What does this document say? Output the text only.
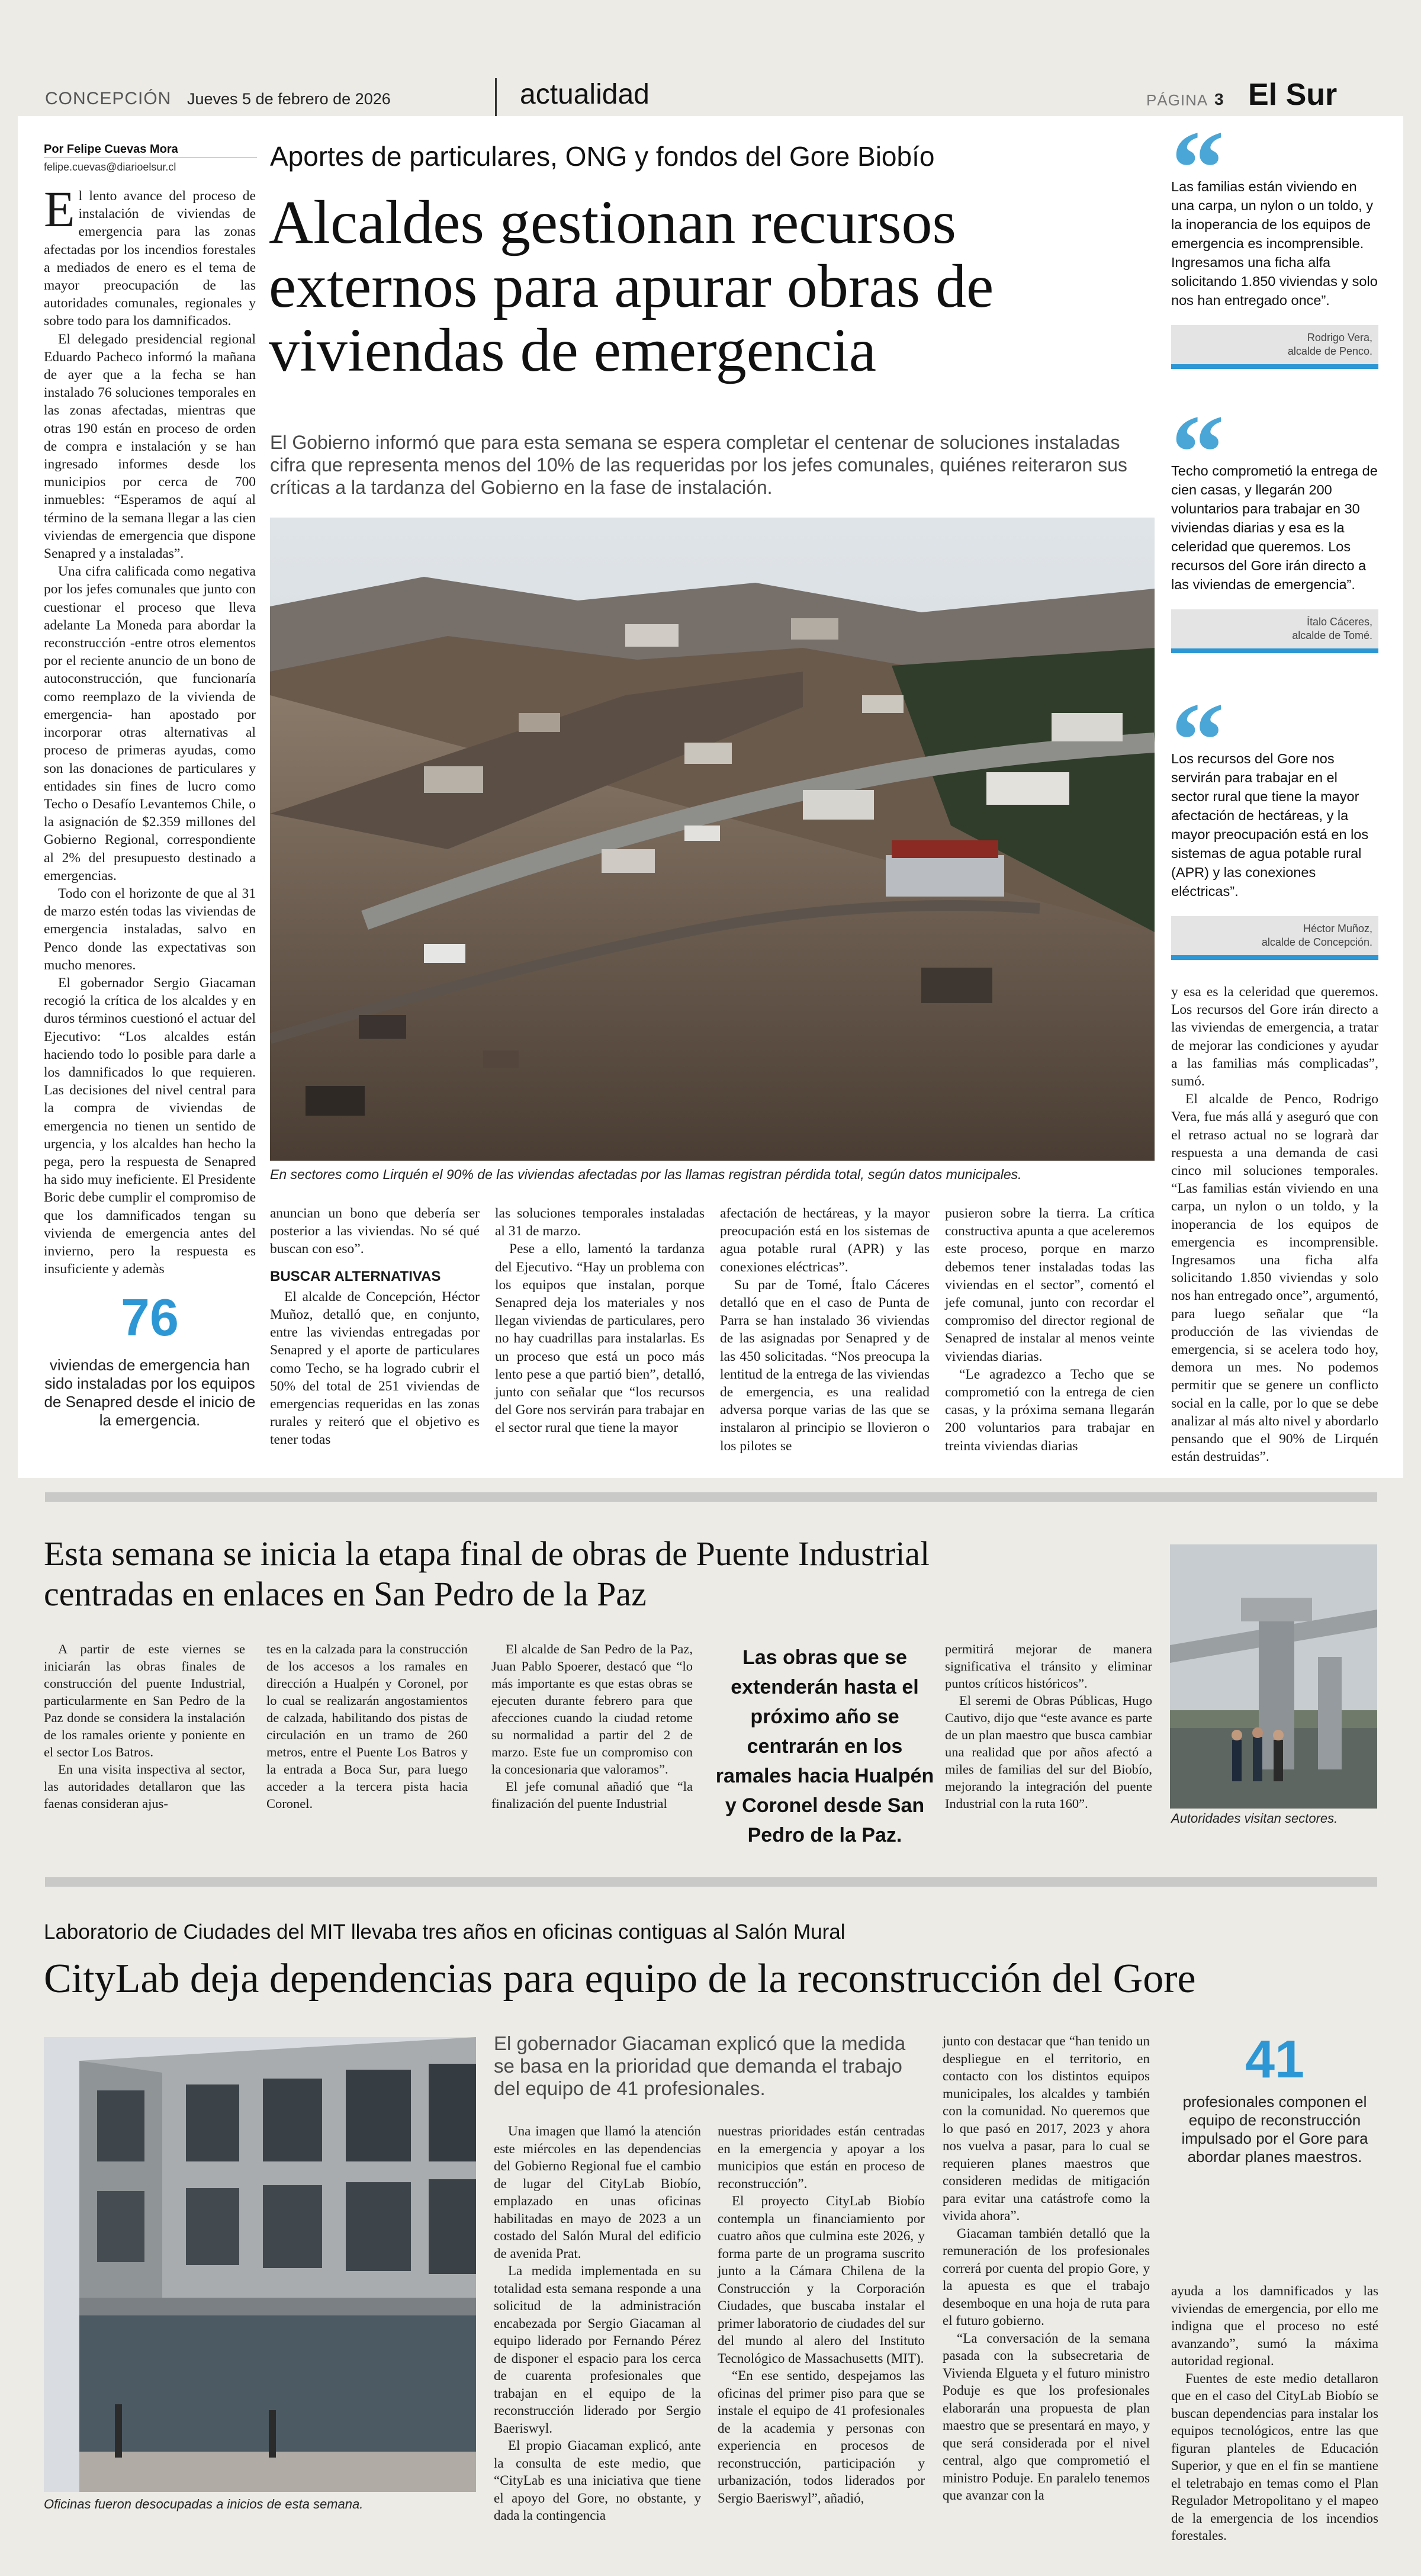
CONCEPCIÓN Jueves 5 de febrero de 2026	actualidad	PÁGINA 3 El Sur
Por Felipe Cuevas Mora
felipe.cuevas@diarioelsur.cl	Aportes de particulares, ONG y fondos del Gore Biobío
Alcaldes gestionan recursos externos para apurar obras de viviendas de emergencia
El Gobierno informó que para esta semana se espera completar el centenar de soluciones instaladas cifra que representa menos del 10% de las requeridas por los jefes comunales, quiénes reiteraron sus críticas a la tardanza del Gobierno en la fase de instalación.
En sectores como Lirquén el 90% de las viviendas afectadas por las llamas registran pérdida total, según datos municipales.

El lento avance del proceso de instalación de viviendas de emergencia para las zonas afectadas por los incendios forestales a mediados de enero es el tema de mayor preocupación de las autoridades comunales, regionales y sobre todo para los damnificados.

El delegado presidencial regional Eduardo Pacheco informó la mañana de ayer que a la fecha se han instalado 76 soluciones temporales en las zonas afectadas, mientras que otras 190 están en proceso de orden de compra e instalación y se han ingresado informes desde los municipios por cerca de 700 inmuebles: “Esperamos de aquí al término de la semana llegar a las cien viviendas de emergencia que dispone Senapred y a instaladas”.

Una cifra calificada como negativa por los jefes comunales que junto con cuestionar el proceso que lleva adelante La Moneda para abordar la reconstrucción -entre otros elementos por el reciente anuncio de un bono de autoconstrucción, que funcionaría como reemplazo de la vivienda de emergencia- han apostado por incorporar otras alternativas al proceso de primeras ayudas, como son las donaciones de particulares y entidades sin fines de lucro como Techo o Desafío Levantemos Chile, o la asignación de $2.359 millones del Gobierno Regional, correspondiente al 2% del presupuesto destinado a emergencias.

Todo con el horizonte de que al 31 de marzo estén todas las viviendas de emergencia instaladas, salvo en Penco donde las expectativas son mucho menores.

El gobernador Sergio Giacaman recogió la crítica de los alcaldes y en duros términos cuestionó el actuar del Ejecutivo: “Los alcaldes están haciendo todo lo posible para darle a los damnificados lo que requieren. Las decisiones del nivel central para la compra de viviendas de emergencia no tienen un sentido de urgencia, y los alcaldes han hecho la pega, pero la respuesta de Senapred ha sido muy ineficiente. El Presidente Boric debe cumplir el compromiso de que los damnificados tengan su vivienda de emergencia antes del invierno, pero la respuesta es insuficiente y ademàs

76
viviendas de emergencia han sido instaladas por los equipos de Senapred desde el inicio de la emergencia.

anuncian un bono que debería ser posterior a las viviendas. No sé qué buscan con eso”.

BUSCAR ALTERNATIVAS

El alcalde de Concepción, Héctor Muñoz, detalló que, en conjunto, entre las viviendas entregadas por Senapred y el aporte de particulares como Techo, se ha logrado cubrir el 50% del total de 251 viviendas de emergencias requeridas en las zonas rurales y reiteró que el objetivo es tener todas

las soluciones temporales instaladas al 31 de marzo.

Pese a ello, lamentó la tardanza del Ejecutivo. “Hay un problema con los equipos que instalan, porque Senapred deja los materiales y nos llegan viviendas de particulares, pero no hay cuadrillas para instalarlas. Es un proceso que está un poco más lento pese a que partió bien”, detalló, junto con señalar que “los recursos del Gore nos servirán para trabajar en el sector rural que tiene la mayor

afectación de hectáreas, y la mayor preocupación está en los sistemas de agua potable rural (APR) y las conexiones eléctricas”.

Su par de Tomé, Ítalo Cáceres detalló que en el caso de Punta de Parra se han instalado 36 viviendas de las asignadas por Senapred y de las 450 solicitadas. “Nos preocupa la lentitud de la entrega de las viviendas de emergencia, es una realidad adversa porque varias de las que se instalaron al principio se llovieron o los pilotes se

pusieron sobre la tierra. La crítica constructiva apunta a que aceleremos este proceso, porque en marzo debemos tener instaladas todas las viviendas en el sector”, comentó el jefe comunal, junto con recordar el compromiso del director regional de Senapred de instalar al menos veinte viviendas diarias.

“Le agradezco a Techo que se comprometió con la entrega de cien casas, y la próxima semana llegarán 200 voluntarios para trabajar en treinta viviendas diarias

y esa es la celeridad que queremos. Los recursos del Gore irán directo a las viviendas de emergencia, a tratar de mejorar las condiciones y ayudar a las familias más complicadas”, sumó.

El alcalde de Penco, Rodrigo Vera, fue más allá y aseguró que con el retraso actual no se lograrà dar respuesta a una demanda de casi cinco mil soluciones temporales. “Las familias están viviendo en una carpa, un nylon o un toldo, y la inoperancia de los equipos de emergencia es incomprensible. Ingresamos una ficha alfa solicitando 1.850 viviendas y solo nos han entregado once”, argumentó, para luego señalar que “la producción de las viviendas de emergencia, si se acelera todo hoy, demora un mes. No podemos permitir que se genere un conflicto social en la calle, por lo que se debe analizar al más alto nivel y abordarlo pensando que el 90% de Lirquén están destruidas”.

Las familias están viviendo en una carpa, un nylon o un toldo, y la inoperancia de los equipos de emergencia es incomprensible. Ingresamos una ficha alfa solicitando 1.850 viviendas y solo nos han entregado once”.
Rodrigo Vera,
alcalde de Penco.
Techo comprometió la entrega de cien casas, y llegarán 200 voluntarios para trabajar en 30 viviendas diarias y esa es la celeridad que queremos. Los recursos del Gore irán directo a las viviendas de emergencia”.
Ítalo Cáceres,
alcalde de Tomé.
Los recursos del Gore nos servirán para trabajar en el sector rural que tiene la mayor afectación de hectáreas, y la mayor preocupación está en los sistemas de agua potable rural (APR) y las conexiones eléctricas”.
Héctor Muñoz,
alcalde de Concepción.
Esta semana se inicia la etapa final de obras de Puente Industrial centradas en enlaces en San Pedro de la Paz

A partir de este viernes se iniciarán las obras finales de construcción del puente Industrial, particularmente en San Pedro de la Paz donde se considera la instalación de los ramales oriente y poniente en el sector Los Batros.

En una visita inspectiva al sector, las autoridades detallaron que las faenas consideran ajus-

tes en la calzada para la construcción de los accesos a los ramales en dirección a Hualpén y Coronel, por lo cual se realizarán angostamientos de calzada, habilitando dos pistas de circulación en un tramo de 260 metros, entre el Puente Los Batros y la entrada a Boca Sur, para luego acceder a la tercera pista hacia Coronel.

El alcalde de San Pedro de la Paz, Juan Pablo Spoerer, destacó que “lo más importante es que estas obras se ejecuten durante febrero para que afecciones cuando la ciudad retome su normalidad a partir del 2 de marzo. Este fue un compromiso con la concesionaria que valoramos”.

El jefe comunal añadió que “la finalización del puente Industrial

Las obras que se extenderán hasta el próximo año se centrarán en los ramales hacia Hualpén y Coronel desde San Pedro de la Paz.

permitirá mejorar de manera significativa el tránsito y eliminar puntos críticos históricos”.

El seremi de Obras Públicas, Hugo Cautivo, dijo que “este avance es parte de un plan maestro que busca cambiar una realidad que por años afectó a miles de familias del sur del Biobío, mejorando la integración del puente Industrial con la ruta 160”.

Autoridades visitan sectores.
Laboratorio de Ciudades del MIT llevaba tres años en oficinas contiguas al Salón Mural
CityLab deja dependencias para equipo de la reconstrucción del Gore
Oficinas fueron desocupadas a inicios de esta semana.
El gobernador Giacaman explicó que la medida se basa en la prioridad que demanda el trabajo del equipo de 41 profesionales.

Una imagen que llamó la atención este miércoles en las dependencias del Gobierno Regional fue el cambio de lugar del CityLab Biobío, emplazado en unas oficinas habilitadas en mayo de 2023 a un costado del Salón Mural del edificio de avenida Prat.

La medida implementada en su totalidad esta semana responde a una solicitud de la administración encabezada por Sergio Giacaman al equipo liderado por Fernando Pérez de disponer el espacio para los cerca de cuarenta profesionales que trabajan en el equipo de la reconstrucción liderado por Sergio Baeriswyl.

El propio Giacaman explicó, ante la consulta de este medio, que “CityLab es una iniciativa que tiene el apoyo del Gore, no obstante, y dada la contingencia

nuestras prioridades están centradas en la emergencia y apoyar a los municipios que están en proceso de reconstrucción”.

El proyecto CityLab Biobío contempla un financiamiento por cuatro años que culmina este 2026, y forma parte de un programa suscrito junto a la Cámara Chilena de la Construcción y la Corporación Ciudades, que buscaba instalar el primer laboratorio de ciudades del sur del mundo al alero del Instituto Tecnológico de Massachusetts (MIT).

“En ese sentido, despejamos las oficinas del primer piso para que se instale el equipo de 41 profesionales de la academia y personas con experiencia en procesos de reconstrucción, participación y urbanización, todos liderados por Sergio Baeriswyl”, añadió,

junto con destacar que “han tenido un despliegue en el territorio, en contacto con los distintos equipos municipales, los alcaldes y también con la comunidad. No queremos que lo que pasó en 2017, 2023 y ahora nos vuelva a pasar, para lo cual se requieren planes maestros que consideren medidas de mitigación para evitar una catástrofe como la vivida ahora”.

Giacaman también detalló que la remuneración de los profesionales correrá por cuenta del propio Gore, y la apuesta es que el trabajo desemboque en una hoja de ruta para el futuro gobierno.

“La conversación de la semana pasada con la subsecretaria de Vivienda Elgueta y el futuro ministro Poduje es que los profesionales elaborarán una propuesta de plan maestro que se presentará en mayo, y que será considerada por el nivel central, algo que comprometió el ministro Poduje. En paralelo tenemos que avanzar con la

41
profesionales componen el equipo de reconstrucción impulsado por el Gore para abordar planes maestros.

ayuda a los damnificados y las viviendas de emergencia, por ello me indigna que el proceso no esté avanzando”, sumó la máxima autoridad regional.

Fuentes de este medio detallaron que en el caso del CityLab Biobío se buscan dependencias para instalar los equipos tecnológicos, entre las que figuran planteles de Educación Superior, y que en el fin se mantiene el teletrabajo en temas como el Plan Regulador Metropolitano y el mapeo de la emergencia de los incendios forestales.
